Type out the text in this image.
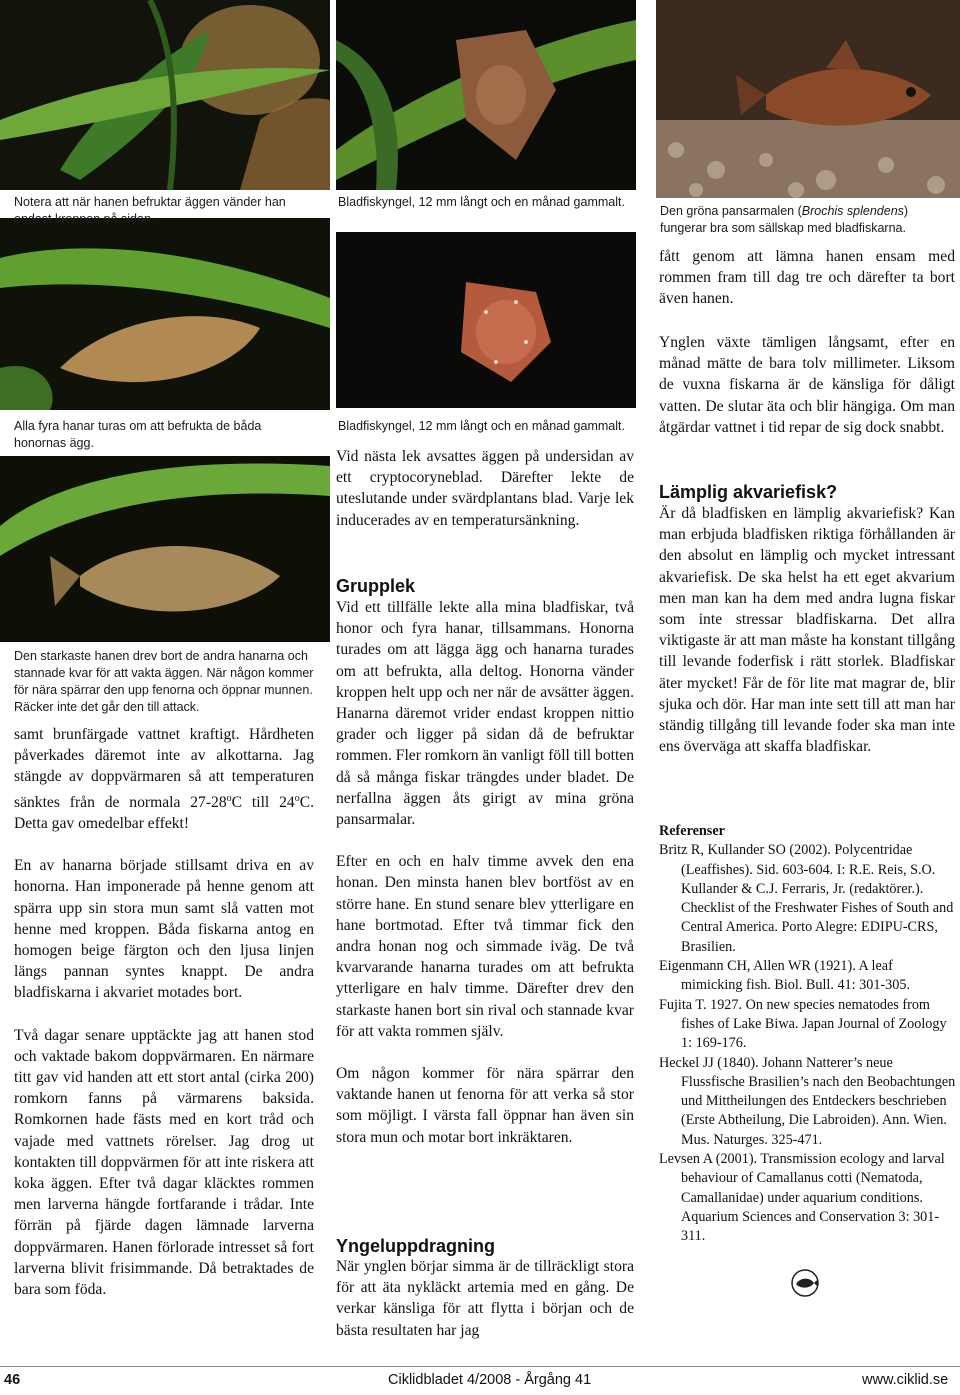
Notera att när hanen befruktar äggen vänder han endast kroppen på sidan.
Bladfiskyngel, 12 mm långt och en månad gammalt.
Den gröna pansarmalen (Brochis splendens) fungerar bra som sällskap med bladfiskarna.
Alla fyra hanar turas om att befrukta de båda honornas ägg.
Bladfiskyngel, 12 mm långt och en månad gammalt.
Den starkaste hanen drev bort de andra hanarna och stannade kvar för att vakta äggen. När någon kommer för nära spärrar den upp fenorna och öppnar munnen. Räcker inte det går den till attack.

samt brunfärgade vattnet kraftigt. Hårdheten påverkades däremot inte av alkottarna. Jag stängde av doppvärmaren så att temperaturen sänktes från de normala 27-28$^o$C till 24$^o$C. Detta gav omedelbar effekt!

En av hanarna började stillsamt driva en av honorna. Han imponerade på henne genom att spärra upp sin stora mun samt slå vatten mot henne med kroppen. Båda fiskarna antog en homogen beige färgton och den ljusa linjen längs pannan syntes knappt. De andra bladfiskarna i akvariet motades bort.

Två dagar senare upptäckte jag att hanen stod och vaktade bakom doppvärmaren. En närmare titt gav vid handen att ett stort antal (cirka 200) romkorn fanns på värmarens baksida. Romkornen hade fästs med en kort tråd och vajade med vattnets rörelser. Jag drog ut kontakten till doppvärmen för att inte riskera att koka äggen. Efter två dagar kläcktes rommen men larverna hängde fortfarande i trådar. Inte förrän på fjärde dagen lämnade larverna doppvärmaren. Hanen förlorade intresset så fort larverna blivit frisimmande. Då betraktades de bara som föda.

Vid nästa lek avsattes äggen på undersidan av ett cryptocoryneblad. Därefter lekte de uteslutande under svärdplantans blad. Varje lek inducerades av en temperatursänkning.
Grupplek

Vid ett tillfälle lekte alla mina bladfiskar, två honor och fyra hanar, tillsammans. Honorna turades om att lägga ägg och hanarna turades om att befrukta, alla deltog. Honorna vänder kroppen helt upp och ner när de avsätter äggen. Hanarna däremot vrider endast kroppen nittio grader och ligger på sidan då de befruktar rommen. Fler romkorn än vanligt föll till botten då så många fiskar trängdes under bladet. De nerfallna äggen åts girigt av mina gröna pansarmalar.

Efter en och en halv timme avvek den ena honan. Den minsta hanen blev bortföst av en större hane. En stund senare blev ytterligare en hane bortmotad. Efter två timmar fick den andra honan nog och simmade iväg. De två kvarvarande hanarna turades om att befrukta ytterligare en halv timme. Därefter drev den starkaste hanen bort sin rival och stannade kvar för att vakta rommen själv.

Om någon kommer för nära spärrar den vaktande hanen ut fenorna för att verka så stor som möjligt. I värsta fall öppnar han även sin stora mun och motar bort inkräktaren.

Yngeluppdragning
När ynglen börjar simma är de tillräckligt stora för att äta nykläckt artemia med en gång. De verkar känsliga för att flytta i början och de bästa resultaten har jag
fått genom att lämna hanen ensam med rommen fram till dag tre och därefter ta bort även hanen.
Ynglen växte tämligen långsamt, efter en månad mätte de bara tolv millimeter. Liksom de vuxna fiskarna är de känsliga för dåligt vatten. De slutar äta och blir hängiga. Om man åtgärdar vattnet i tid repar de sig dock snabbt.
Lämplig akvariefisk?
Är då bladfisken en lämplig akvariefisk? Kan man erbjuda bladfisken riktiga förhållanden är den absolut en lämplig och mycket intressant akvariefisk. De ska helst ha ett eget akvarium men man kan ha dem med andra lugna fiskar som inte stressar bladfiskarna. Det allra viktigaste är att man måste ha konstant tillgång till levande foderfisk i rätt storlek. Bladfiskar äter mycket! Får de för lite mat magrar de, blir sjuka och dör. Har man inte sett till att man har ständig tillgång till levande foder ska man inte ens överväga att skaffa bladfiskar.
Referenser
Britz R, Kullander SO (2002). Polycentridae (Leaffishes). Sid. 603-604. I: R.E. Reis, S.O. Kullander & C.J. Ferraris, Jr. (redaktörer.). Checklist of the Freshwater Fishes of South and Central America. Porto Alegre: EDIPU-CRS, Brasilien.
Eigenmann CH, Allen WR (1921). A leaf mimicking fish. Biol. Bull. 41: 301-305.
Fujita T. 1927. On new species nematodes from fishes of Lake Biwa. Japan Journal of Zoology 1: 169-176.
Heckel JJ (1840). Johann Natterer’s neue Flussfische Brasilien’s nach den Beobachtungen und Mittheilungen des Entdeckers beschrieben (Erste Abtheilung, Die Labroiden). Ann. Wien. Mus. Naturges. 325-471.
Levsen A (2001). Transmission ecology and larval behaviour of Camallanus cotti (Nematoda, Camallanidae) under aquarium conditions. Aquarium Sciences and Conservation 3: 301-311.
46	Ciklidbladet 4/2008 - Årgång 41	www.ciklid.se
